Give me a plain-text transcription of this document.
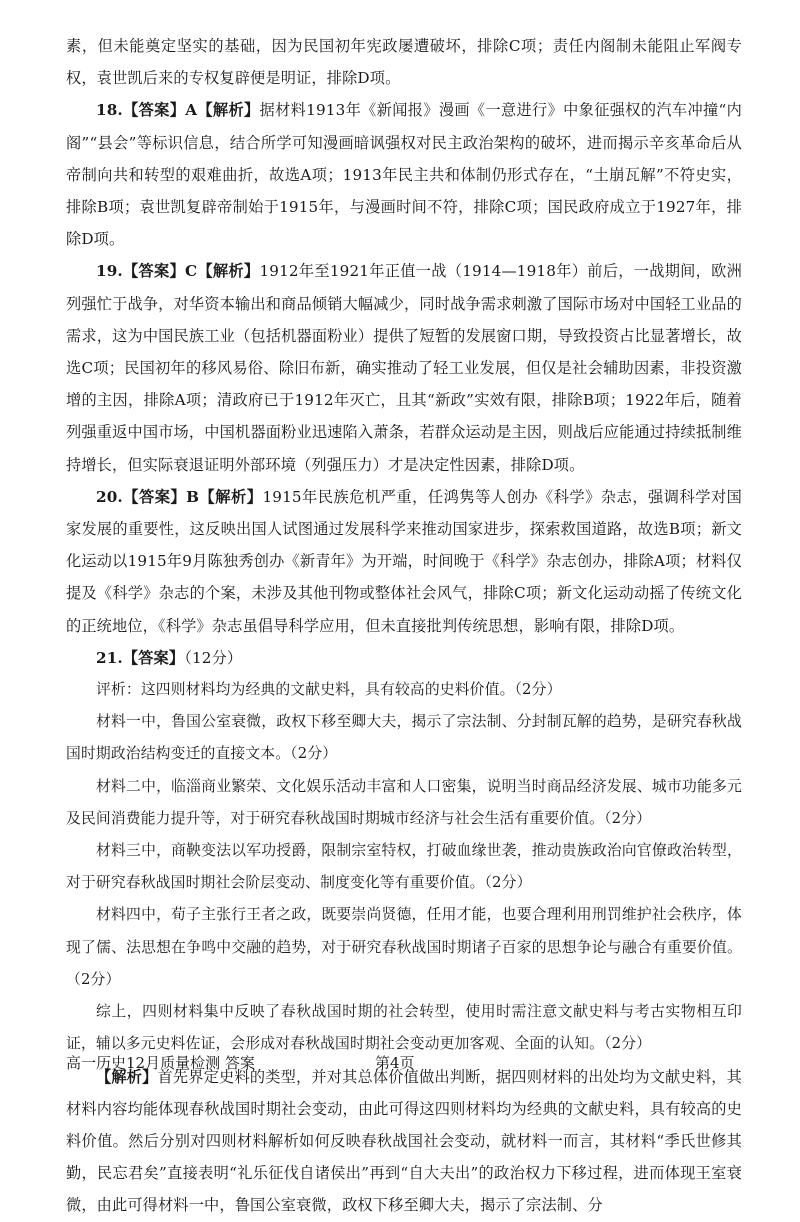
素，但未能奠定坚实的基础，因为民国初年宪政屡遭破坏，排除C项；责任内阁制未能阻止军阀专权，袁世凯后来的专权复辟便是明证，排除D项。

18.【答案】A【解析】据材料1913年《新闻报》漫画《一意进行》中象征强权的汽车冲撞“内阁”“县会”等标识信息，结合所学可知漫画暗讽强权对民主政治架构的破坏，进而揭示辛亥革命后从帝制向共和转型的艰难曲折，故选A项；1913年民主共和体制仍形式存在，“土崩瓦解”不符史实，排除B项；袁世凯复辟帝制始于1915年，与漫画时间不符，排除C项；国民政府成立于1927年，排除D项。

19.【答案】C【解析】1912年至1921年正值一战（1914—1918年）前后，一战期间，欧洲列强忙于战争，对华资本输出和商品倾销大幅减少，同时战争需求刺激了国际市场对中国轻工业品的需求，这为中国民族工业（包括机器面粉业）提供了短暂的发展窗口期，导致投资占比显著增长，故选C项；民国初年的移风易俗、除旧布新，确实推动了轻工业发展，但仅是社会辅助因素，非投资激增的主因，排除A项；清政府已于1912年灭亡，且其“新政”实效有限，排除B项；1922年后，随着列强重返中国市场，中国机器面粉业迅速陷入萧条，若群众运动是主因，则战后应能通过持续抵制维持增长，但实际衰退证明外部环境（列强压力）才是决定性因素，排除D项。

20.【答案】B【解析】1915年民族危机严重，任鸿隽等人创办《科学》杂志，强调科学对国家发展的重要性，这反映出国人试图通过发展科学来推动国家进步，探索救国道路，故选B项；新文化运动以1915年9月陈独秀创办《新青年》为开端，时间晚于《科学》杂志创办，排除A项；材料仅提及《科学》杂志的个案，未涉及其他刊物或整体社会风气，排除C项；新文化运动动摇了传统文化的正统地位，《科学》杂志虽倡导科学应用，但未直接批判传统思想，影响有限，排除D项。

21.【答案】（12分）

评析：这四则材料均为经典的文献史料，具有较高的史料价值。（2分）

材料一中，鲁国公室衰微，政权下移至卿大夫，揭示了宗法制、分封制瓦解的趋势，是研究春秋战国时期政治结构变迁的直接文本。（2分）

材料二中，临淄商业繁荣、文化娱乐活动丰富和人口密集，说明当时商品经济发展、城市功能多元及民间消费能力提升等，对于研究春秋战国时期城市经济与社会生活有重要价值。（2分）

材料三中，商鞅变法以军功授爵，限制宗室特权，打破血缘世袭，推动贵族政治向官僚政治转型，对于研究春秋战国时期社会阶层变动、制度变化等有重要价值。（2分）

材料四中，荀子主张行王者之政，既要崇尚贤德，任用才能，也要合理利用刑罚维护社会秩序，体现了儒、法思想在争鸣中交融的趋势，对于研究春秋战国时期诸子百家的思想争论与融合有重要价值。（2分）

综上，四则材料集中反映了春秋战国时期的社会转型，使用时需注意文献史料与考古实物相互印证，辅以多元史料佐证，会形成对春秋战国时期社会变动更加客观、全面的认知。（2分）

【解析】首先界定史料的类型，并对其总体价值做出判断，据四则材料的出处均为文献史料，其材料内容均能体现春秋战国时期社会变动，由此可得这四则材料均为经典的文献史料，具有较高的史料价值。然后分别对四则材料解析如何反映春秋战国社会变动，就材料一而言，其材料“季氏世修其勤，民忘君矣”直接表明“礼乐征伐自诸侯出”再到“自大夫出”的政治权力下移过程，进而体现王室衰微，由此可得材料一中，鲁国公室衰微，政权下移至卿大夫，揭示了宗法制、分

高一历史12月质量检测 答案	第4页
